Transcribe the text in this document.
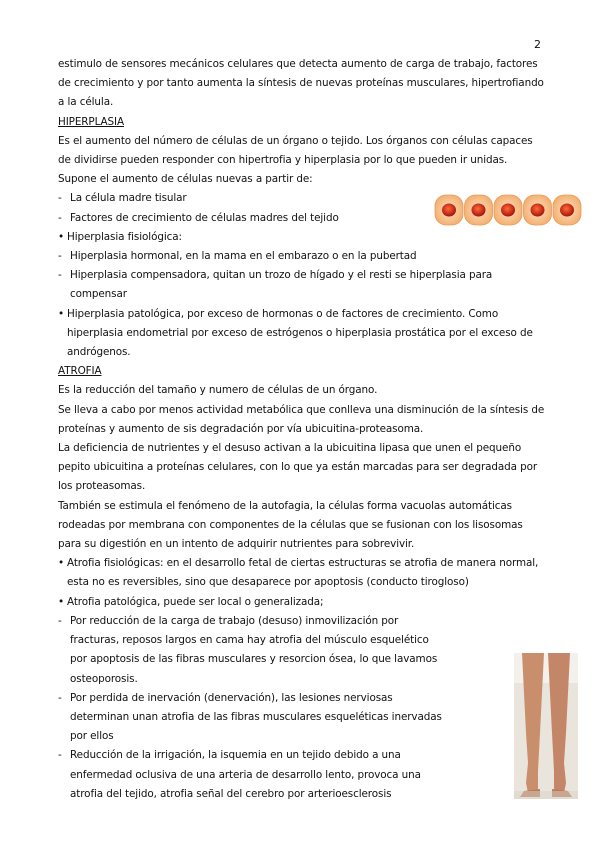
2

estimulo de sensores mecánicos celulares que detecta aumento de carga de trabajo, factores de crecimiento y por tanto aumenta la síntesis de nuevas proteínas musculares, hipertrofiando a la célula.

HIPERPLASIA

Es el aumento del número de células de un órgano o tejido. Los órganos con células capaces de dividirse pueden responder con hipertrofia y hiperplasia por lo que pueden ir unidas.

Supone el aumento de células nuevas a partir de:

- La célula madre tisular
- Factores de crecimiento de células madres del tejido
• Hiperplasia fisiológica:
- Hiperplasia hormonal, en la mama en el embarazo o en la pubertad
- Hiperplasia compensadora, quitan un trozo de hígado y el resti se hiperplasia para compensar
• Hiperplasia patológica, por exceso de hormonas o de factores de crecimiento. Como hiperplasia endometrial por exceso de estrógenos o hiperplasia prostática por el exceso de andrógenos.

ATROFIA

Es la reducción del tamaño y numero de células de un órgano.

Se lleva a cabo por menos actividad metabólica que conlleva una disminución de la síntesis de proteínas y aumento de sis degradación por vía ubicuitina-proteasoma.

La deficiencia de nutrientes y el desuso activan a la ubicuitina lipasa que unen el pequeño pepito ubicuitina a proteínas celulares, con lo que ya están marcadas para ser degradada por los proteasomas.

También se estimula el fenómeno de la autofagia, la células forma vacuolas automáticas rodeadas por membrana con componentes de la células que se fusionan con los lisosomas para su digestión en un intento de adquirir nutrientes para sobrevivir.

• Atrofia fisiológicas: en el desarrollo fetal de ciertas estructuras se atrofia de manera normal, esta no es reversibles, sino que desaparece por apoptosis (conducto tirogloso)
• Atrofia patológica, puede ser local o generalizada;
- Por reducción de la carga de trabajo (desuso) inmovilización por fracturas, reposos largos en cama hay atrofia del músculo esquelético por apoptosis de las fibras musculares y resorcion ósea, lo que lavamos osteoporosis.
- Por perdida de inervación (denervación), las lesiones nerviosas determinan unan atrofia de las fibras musculares esqueléticas inervadas por ellos
- Reducción de la irrigación, la isquemia en un tejido debido a una enfermedad oclusiva de una arteria de desarrollo lento, provoca una atrofia del tejido, atrofia señal del cerebro por arterioesclerosis
